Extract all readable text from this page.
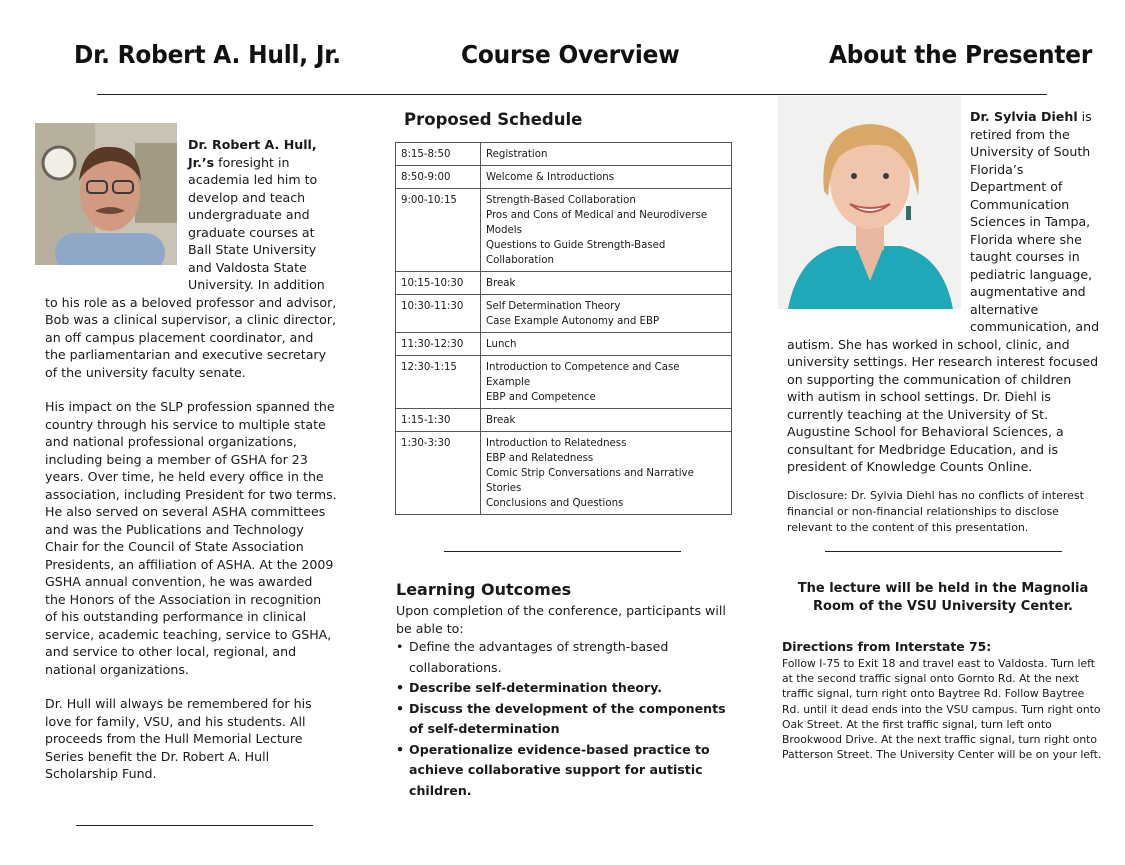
Dr. Robert A. Hull, Jr.	Course Overview	About the Presenter

Dr. Robert A. Hull, Jr.’s foresight in academia led him to develop and teach undergraduate and graduate courses at Ball State University and Valdosta State University. In addition to his role as a beloved professor and advisor, Bob was a clinical supervisor, a clinic director, an off campus placement coordinator, and the parliamentarian and executive secretary of the university faculty senate.

His impact on the SLP profession spanned the country through his service to multiple state and national professional organizations, including being a member of GSHA for 23 years. Over time, he held every office in the association, including President for two terms. He also served on several ASHA committees and was the Publications and Technology Chair for the Council of State Association Presidents, an affiliation of ASHA. At the 2009 GSHA annual convention, he was awarded the Honors of the Association in recognition of his outstanding performance in clinical service, academic teaching, service to GSHA, and service to other local, regional, and national organizations.

Dr. Hull will always be remembered for his love for family, VSU, and his students. All proceeds from the Hull Memorial Lecture Series benefit the Dr. Robert A. Hull Scholarship Fund.

Proposed Schedule
8:15-8:50	Registration

8:50-9:00	Welcome & Introductions

9:00-10:15	Strength-Based Collaboration
Pros and Cons of Medical and Neurodiverse Models
Questions to Guide Strength-Based Collaboration

10:15-10:30	Break

10:30-11:30	Self Determination Theory
Case Example Autonomy and EBP

11:30-12:30	Lunch

12:30-1:15	Introduction to Competence and Case Example
EBP and Competence

1:15-1:30	Break

1:30-3:30	Introduction to Relatedness
EBP and Relatedness
Comic Strip Conversations and Narrative Stories
Conclusions and Questions
Learning Outcomes
Upon completion of the conference, participants will be able to:
• Define the advantages of strength-based collaborations.
• Describe self-determination theory.
• Discuss the development of the components of self-determination
• Operationalize evidence-based practice to achieve collaborative support for autistic children.
Dr. Sylvia Diehl is retired from the University of South Florida’s Department of Communication Sciences in Tampa, Florida where she taught courses in pediatric language, augmentative and alternative communication, and autism. She has worked in school, clinic, and university settings. Her research interest focused on supporting the communication of children with autism in school settings. Dr. Diehl is currently teaching at the University of St. Augustine School for Behavioral Sciences, a consultant for Medbridge Education, and is president of Knowledge Counts Online.
Disclosure: Dr. Sylvia Diehl has no conflicts of interest financial or non-financial relationships to disclose relevant to the content of this presentation.
The lecture will be held in the Magnolia Room of the VSU University Center.
Directions from Interstate 75:
Follow I-75 to Exit 18 and travel east to Valdosta. Turn left at the second traffic signal onto Gornto Rd. At the next traffic signal, turn right onto Baytree Rd. Follow Baytree Rd. until it dead ends into the VSU campus. Turn right onto Oak Street. At the first traffic signal, turn left onto Brookwood Drive. At the next traffic signal, turn right onto Patterson Street. The University Center will be on your left.
